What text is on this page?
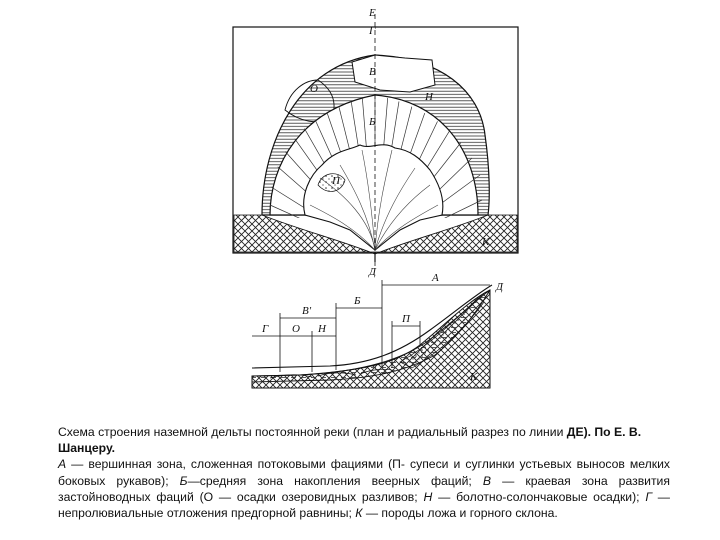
Е
Г
В
О
Н
Б
П
К
Д	А
Д
Б
В'
Г О Н
П
К

Схема строения наземной дельты постоянной реки (план и радиальный разрез по линии ДЕ). По Е. В. Шанцеру.

А — вершинная зона, сложенная потоковыми фациями (П- супеси и суглинки устьевых выносов мелких боковых рукавов); Б—средняя зона накопления веерных фаций; В — краевая зона развития застойноводных фаций (О — осадки озеровидных разливов; Н — болотно-солончаковые осадки); Г — непролювиальные отложения предгорной равнины; К — породы ложа и горного склона.
